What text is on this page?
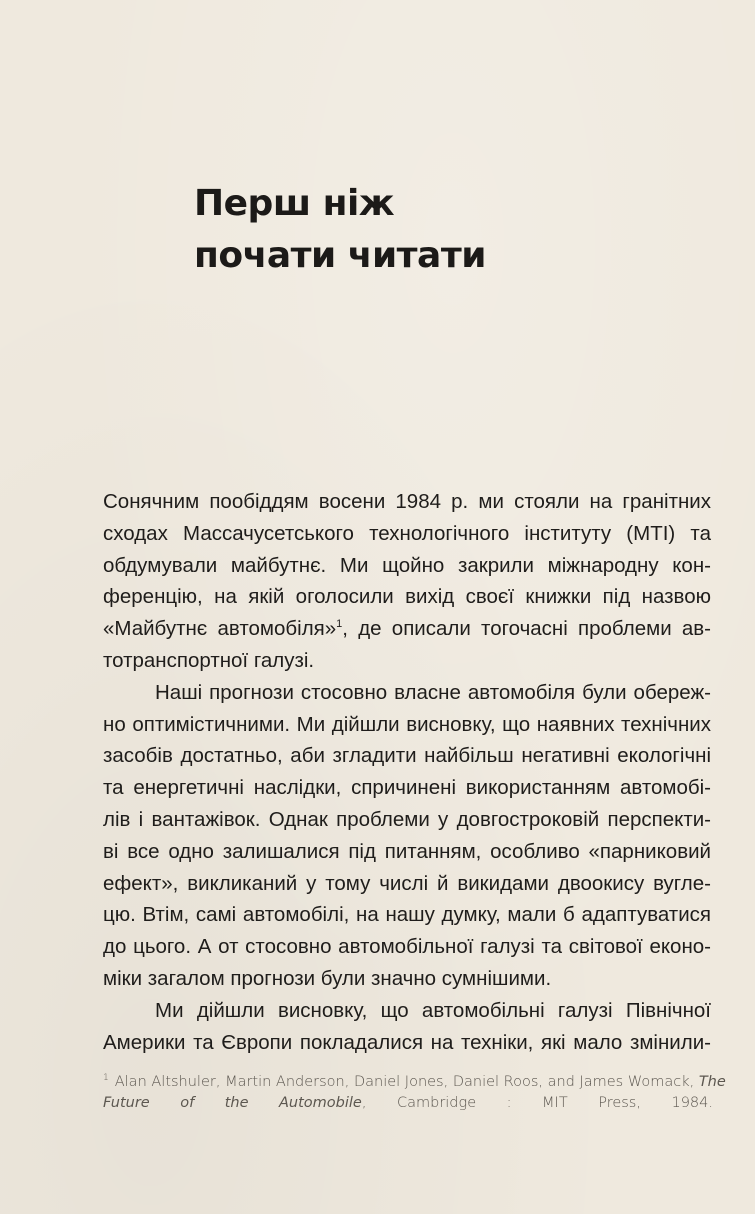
Перш ніж
почати читати
Сонячним пообіддям восени 1984 р. ми стояли на гранітних
сходах Массачусетського технологічного інституту (MTI) та
обдумували майбутнє. Ми щойно закрили міжнародну кон-
ференцію, на якій оголосили вихід своєї книжки під назвою
«Майбутнє автомобіля»$^1$, де описали тогочасні проблеми ав-
тотранспортної галузі.
Наші прогнози стосовно власне автомобіля були обереж-
но оптимістичними. Ми дійшли висновку, що наявних технічних
засобів достатньо, аби згладити найбільш негативні екологічні
та енергетичні наслідки, спричинені використанням автомобі-
лів і вантажівок. Однак проблеми у довгостроковій перспекти-
ві все одно залишалися під питанням, особливо «парниковий
ефект», викликаний у тому числі й викидами двоокису вугле-
цю. Втім, самі автомобілі, на нашу думку, мали б адаптуватися
до цього. А от стосовно автомобільної галузі та світової еконо-
міки загалом прогнози були значно сумнішими.
Ми дійшли висновку, що автомобільні галузі Північної
Америки та Європи покладалися на техніки, які мало змінили-
$^1$ Alan Altshuler, Martin Anderson, Daniel Jones, Daniel Roos, and James Womack, The
Future of the Automobile, Cambridge : MIT Press, 1984.
